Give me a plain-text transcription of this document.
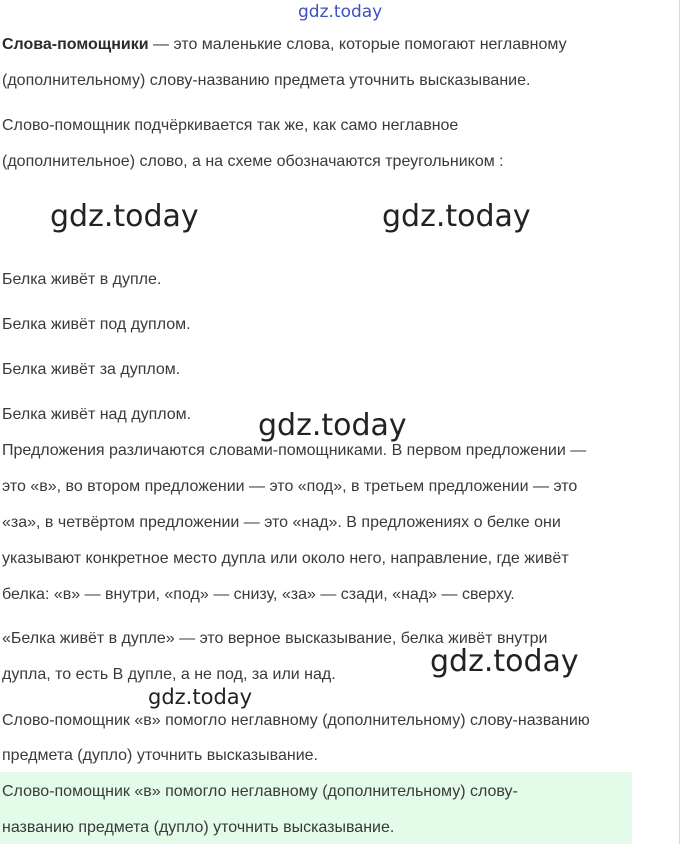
gdz.today

Слова-помощники — это маленькие слова, которые помогают неглавному

(дополнительному) слову-названию предмета уточнить высказывание.

Слово-помощник подчёркивается так же, как само неглавное

(дополнительное) слово, а на схеме обозначаются треугольником :

gdz.today	gdz.today

Белка живёт в дупле.

Белка живёт под дуплом.

Белка живёт за дуплом.

Белка живёт над дуплом. gdz.today

Предложения различаются словами-помощниками. В первом предложении —

это «в», во втором предложении — это «под», в третьем предложении — это

«за», в четвёртом предложении — это «над». В предложениях о белке они

указывают конкретное место дупла или около него, направление, где живёт

белка: «в» — внутри, «под» — снизу, «за» — сзади, «над» — сверху.

«Белка живёт в дупле» — это верное высказывание, белка живёт внутри

дупла, то есть В дупле, а не под, за или над.	gdz.today
gdz.today

Слово-помощник «в» помогло неглавному (дополнительному) слову-названию

предмета (дупло) уточнить высказывание.

Слово-помощник «в» помогло неглавному (дополнительному) слову-

названию предмета (дупло) уточнить высказывание.
